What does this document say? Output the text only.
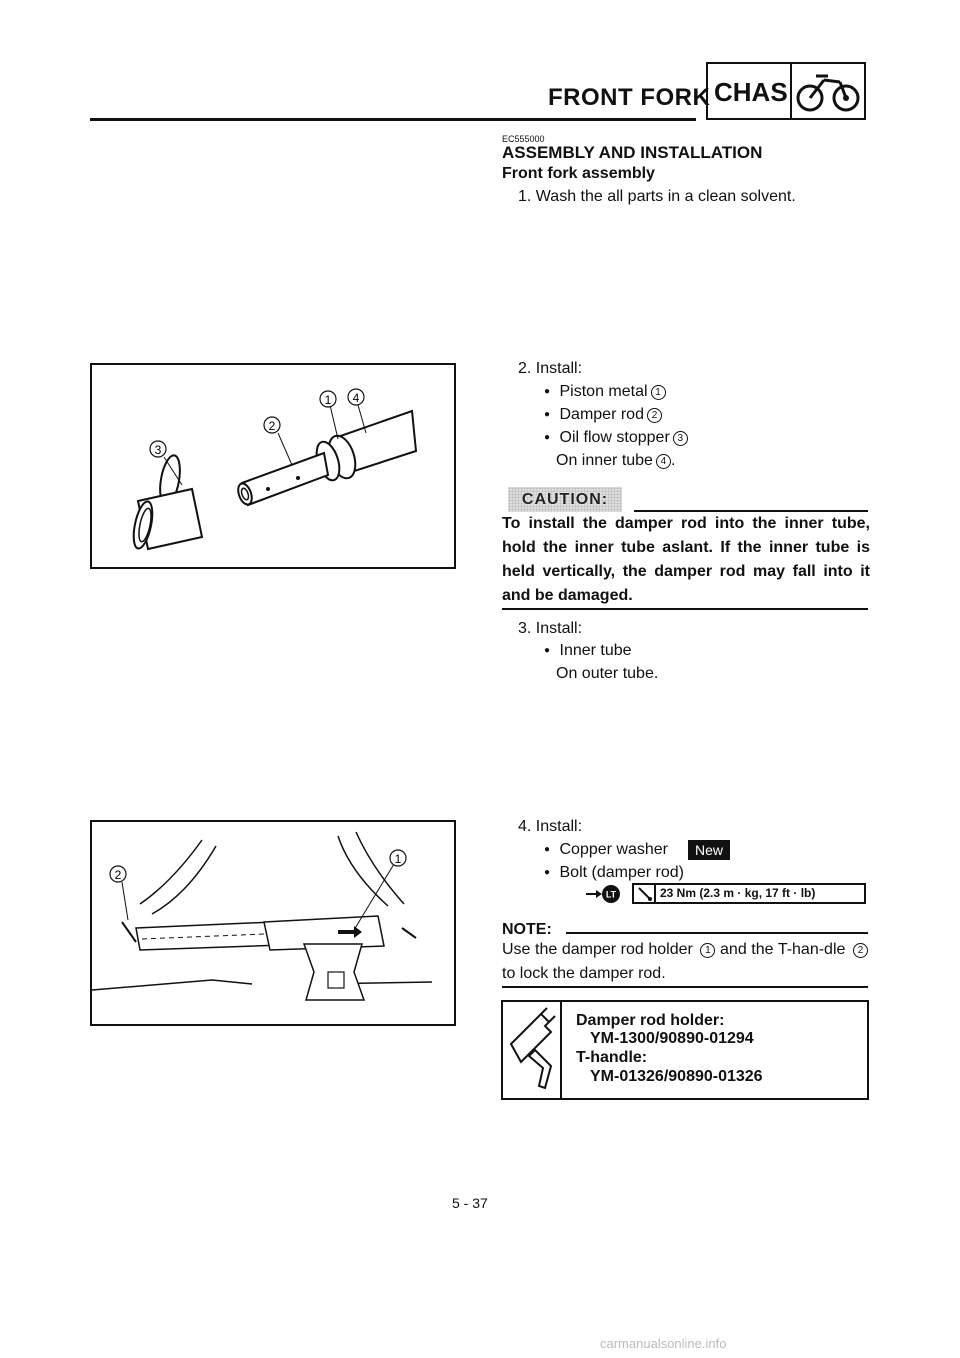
FRONT FORK CHAS
EC555000
ASSEMBLY AND INSTALLATION
Front fork assembly
1. Wash the all parts in a clean solvent.
3
2
1 4
2. Install:
● Piston metal 1
● Damper rod 2
● Oil flow stopper 3
On inner tube 4 .
CAUTION:
To install the damper rod into the inner tube, hold the inner tube aslant. If the inner tube is held vertically, the damper rod may fall into it and be damaged.
3. Install:
● Inner tube
On outer tube.
2
1
4. Install:
● Copper washer	New
● Bolt (damper rod)
LT	23 Nm (2.3 m · kg, 17 ft · lb)
NOTE:
Use the damper rod holder 1 and the T-han-dle 2 to lock the damper rod.
Damper rod holder:
YM-1300/90890-01294
T-handle:
YM-01326/90890-01326
5 - 37
carmanualsonline.info
